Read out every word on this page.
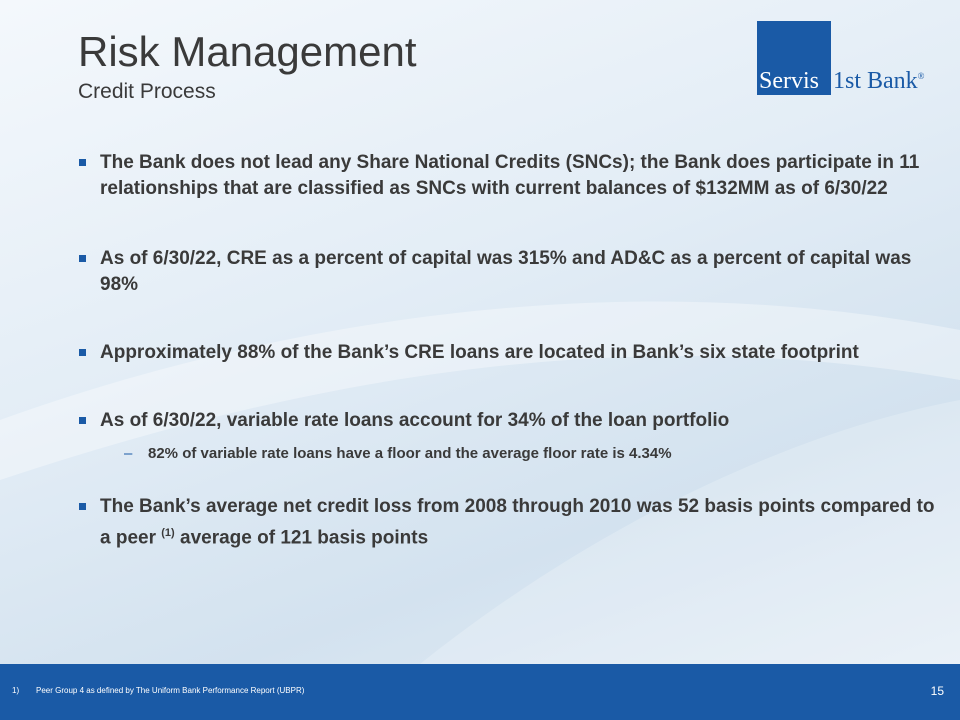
Risk Management
Credit Process	Servis 1st Bank®
The Bank does not lead any Share National Credits (SNCs); the Bank does participate in 11 relationships that are classified as SNCs with current balances of $132MM as of 6/30/22
As of 6/30/22, CRE as a percent of capital was 315% and AD&C as a percent of capital was 98%
Approximately 88% of the Bank’s CRE loans are located in Bank’s six state footprint
As of 6/30/22, variable rate loans account for 34% of the loan portfolio
– 82% of variable rate loans have a floor and the average floor rate is 4.34%
The Bank’s average net credit loss from 2008 through 2010 was 52 basis points compared to a peer $^{(1)}$ average of 121 basis points
1) Peer Group 4 as defined by The Uniform Bank Performance Report (UBPR)	15
